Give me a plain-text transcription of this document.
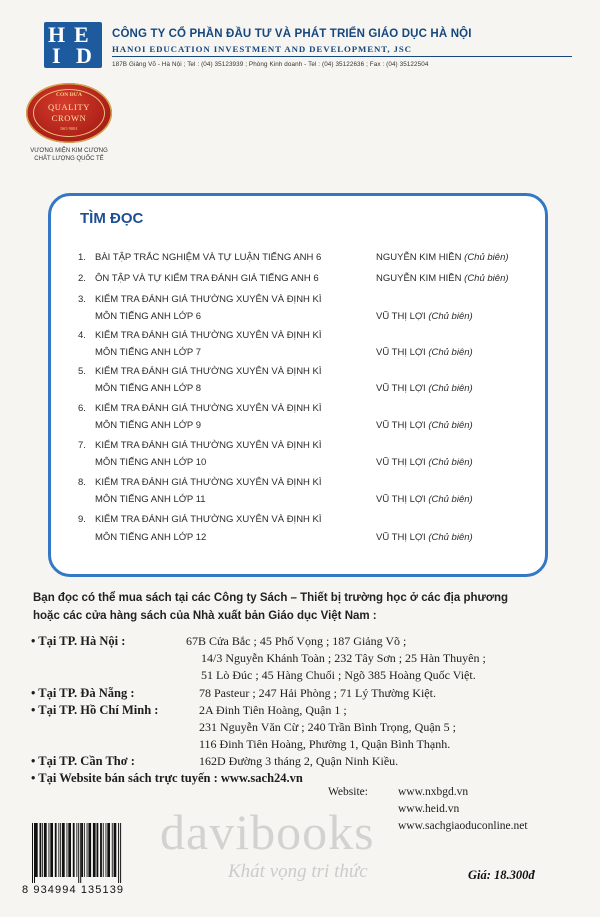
H E
I D
CÔNG TY CỔ PHẦN ĐẦU TƯ VÀ PHÁT TRIỂN GIÁO DỤC HÀ NỘI
HANOI EDUCATION INVESTMENT AND DEVELOPMENT, JSC
187B Giảng Võ - Hà Nội ; Tel : (04) 35123939 ; Phòng Kinh doanh - Tel : (04) 35122636 ; Fax : (04) 35122504
CON ĐƯA
QUALITY
CROWN
ISO 9001
VƯƠNG MIỆN KIM CƯƠNG
CHẤT LƯỢNG QUỐC TẾ
TÌM ĐỌC
1. BÀI TẬP TRẮC NGHIỆM VÀ TỰ LUẬN TIẾNG ANH 6	NGUYỄN KIM HIỀN (Chủ biên)
2. ÔN TẬP VÀ TỰ KIỂM TRA ĐÁNH GIÁ TIẾNG ANH 6	NGUYỄN KIM HIỀN (Chủ biên)
3. KIỂM TRA ĐÁNH GIÁ THƯỜNG XUYÊN VÀ ĐỊNH KÌ
MÔN TIẾNG ANH LỚP 6	VŨ THỊ LỢI (Chủ biên)
4. KIỂM TRA ĐÁNH GIÁ THƯỜNG XUYÊN VÀ ĐỊNH KÌ
MÔN TIẾNG ANH LỚP 7	VŨ THỊ LỢI (Chủ biên)
5. KIỂM TRA ĐÁNH GIÁ THƯỜNG XUYÊN VÀ ĐỊNH KÌ
MÔN TIẾNG ANH LỚP 8	VŨ THỊ LỢI (Chủ biên)
6. KIỂM TRA ĐÁNH GIÁ THƯỜNG XUYÊN VÀ ĐỊNH KÌ
MÔN TIẾNG ANH LỚP 9	VŨ THỊ LỢI (Chủ biên)
7. KIỂM TRA ĐÁNH GIÁ THƯỜNG XUYÊN VÀ ĐỊNH KÌ
MÔN TIẾNG ANH LỚP 10	VŨ THỊ LỢI (Chủ biên)
8. KIỂM TRA ĐÁNH GIÁ THƯỜNG XUYÊN VÀ ĐỊNH KÌ
MÔN TIẾNG ANH LỚP 11	VŨ THỊ LỢI (Chủ biên)
9. KIỂM TRA ĐÁNH GIÁ THƯỜNG XUYÊN VÀ ĐỊNH KÌ
MÔN TIẾNG ANH LỚP 12	VŨ THỊ LỢI (Chủ biên)
Bạn đọc có thể mua sách tại các Công ty Sách – Thiết bị trường học ở các địa phương
hoặc các cửa hàng sách của Nhà xuất bản Giáo dục Việt Nam :
• Tại TP. Hà Nội :	67B Cửa Bắc ; 45 Phố Vọng ; 187 Giảng Võ ;
14/3 Nguyễn Khánh Toàn ; 232 Tây Sơn ; 25 Hàn Thuyên ;
51 Lò Đúc ; 45 Hàng Chuối ; Ngõ 385 Hoàng Quốc Việt.
• Tại TP. Đà Nẵng :	78 Pasteur ; 247 Hải Phòng ; 71 Lý Thường Kiệt.
• Tại TP. Hồ Chí Minh :	2A Đinh Tiên Hoàng, Quận 1 ;
231 Nguyễn Văn Cừ ; 240 Trần Bình Trọng, Quận 5 ;
116 Đinh Tiên Hoàng, Phường 1, Quận Bình Thạnh.
• Tại TP. Cần Thơ :	162D Đường 3 tháng 2, Quận Ninh Kiều.
• Tại Website bán sách trực tuyến : www.sach24.vn
Website:	www.nxbgd.vn
www.heid.vn
www.sachgiaoduconline.net
davibooks
Khát vọng tri thức
8 934994 135139
Giá: 18.300đ
